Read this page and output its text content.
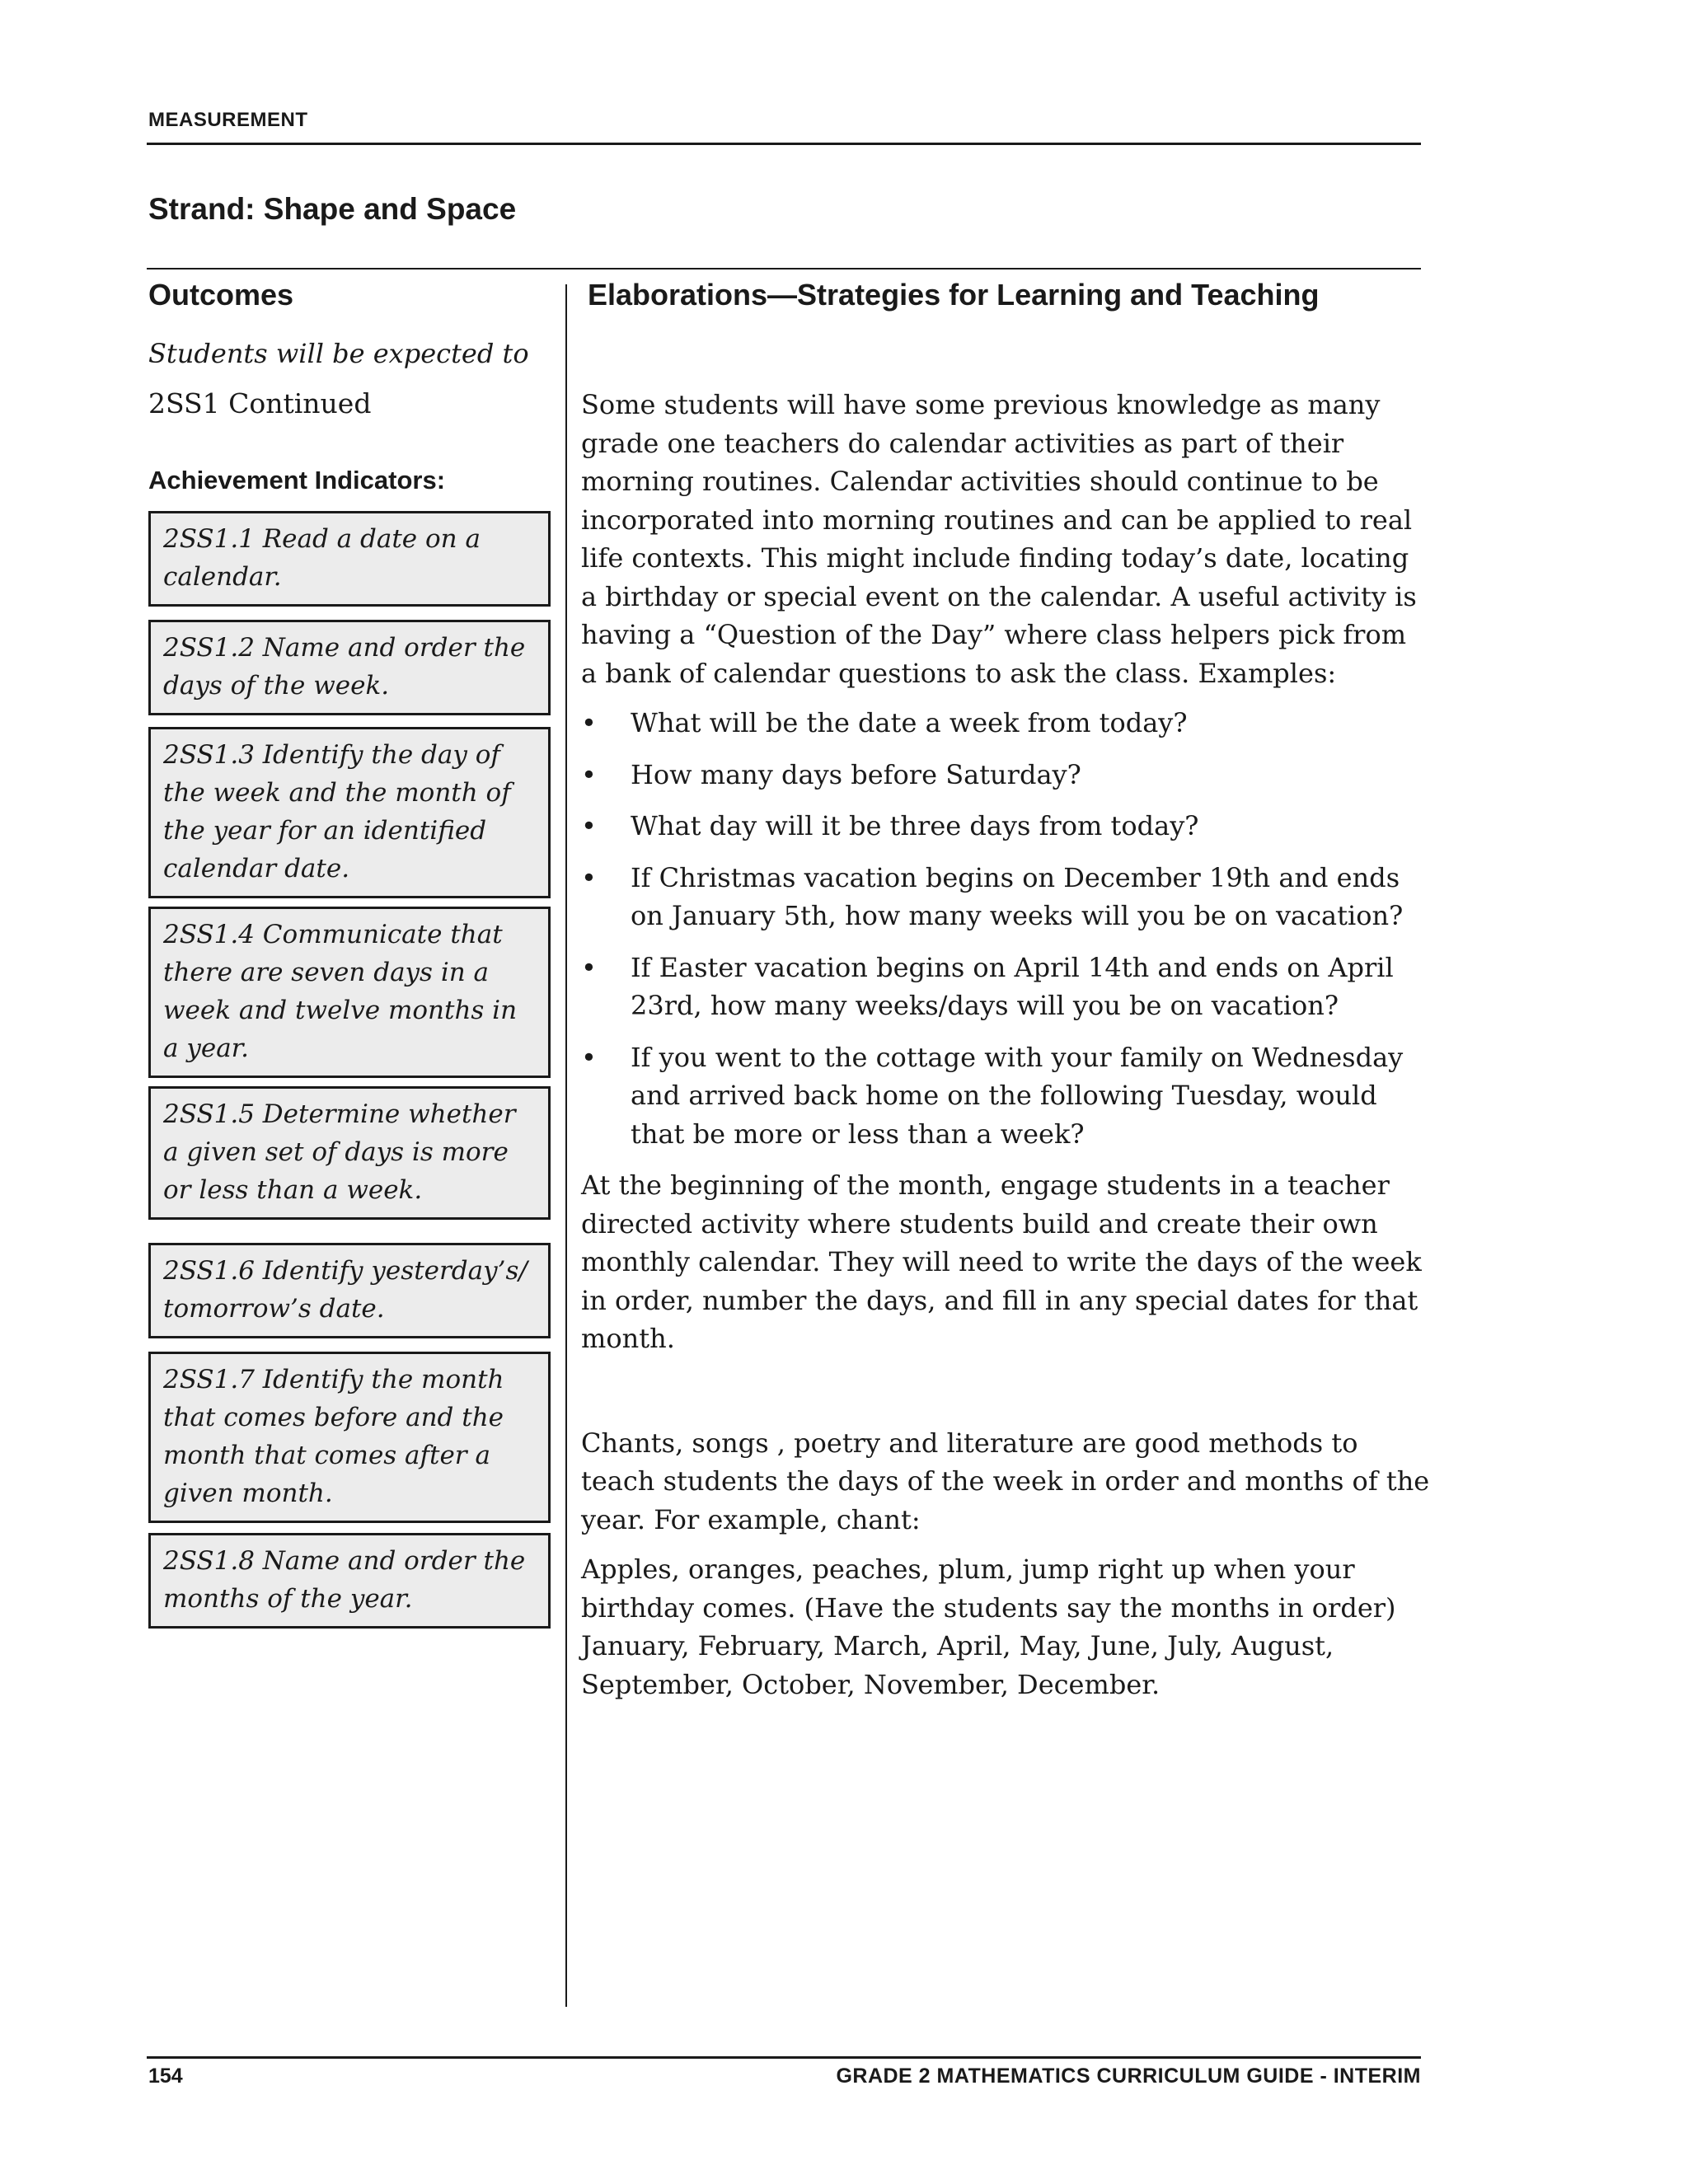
MEASUREMENT
Strand: Shape and Space
Outcomes
Students will be expected to
2SS1 Continued
Achievement Indicators:
2SS1.1 Read a date on a calendar.
2SS1.2 Name and order the days of the week.
2SS1.3 Identify the day of the week and the month of the year for an identified calendar date.
2SS1.4 Communicate that there are seven days in a week and twelve months in a year.
2SS1.5 Determine whether a given set of days is more or less than a week.
2SS1.6 Identify yesterday’s/ tomorrow’s date.
2SS1.7 Identify the month that comes before and the month that comes after a given month.
2SS1.8 Name and order the months of the year.
Elaborations—Strategies for Learning and Teaching

Some students will have some previous knowledge as many grade one teachers do calendar activities as part of their morning routines. Calendar activities should continue to be incorporated into morning routines and can be applied to real life contexts. This might include finding today’s date, locating a birthday or special event on the calendar. A useful activity is having a “Question of the Day” where class helpers pick from a bank of calendar questions to ask the class. Examples:

• What will be the date a week from today?
• How many days before Saturday?
• What day will it be three days from today?
• If Christmas vacation begins on December 19th and ends on January 5th, how many weeks will you be on vacation?
• If Easter vacation begins on April 14th and ends on April 23rd, how many weeks/days will you be on vacation?
• If you went to the cottage with your family on Wednesday and arrived back home on the following Tuesday, would that be more or less than a week?

At the beginning of the month, engage students in a teacher directed activity where students build and create their own monthly calendar. They will need to write the days of the week in order, number the days, and fill in any special dates for that month.

Chants, songs , poetry and literature are good methods to teach students the days of the week in order and months of the year. For example, chant:

Apples, oranges, peaches, plum, jump right up when your birthday comes. (Have the students say the months in order) January, February, March, April, May, June, July, August, September, October, November, December.

154	GRADE 2 MATHEMATICS CURRICULUM GUIDE - INTERIM
